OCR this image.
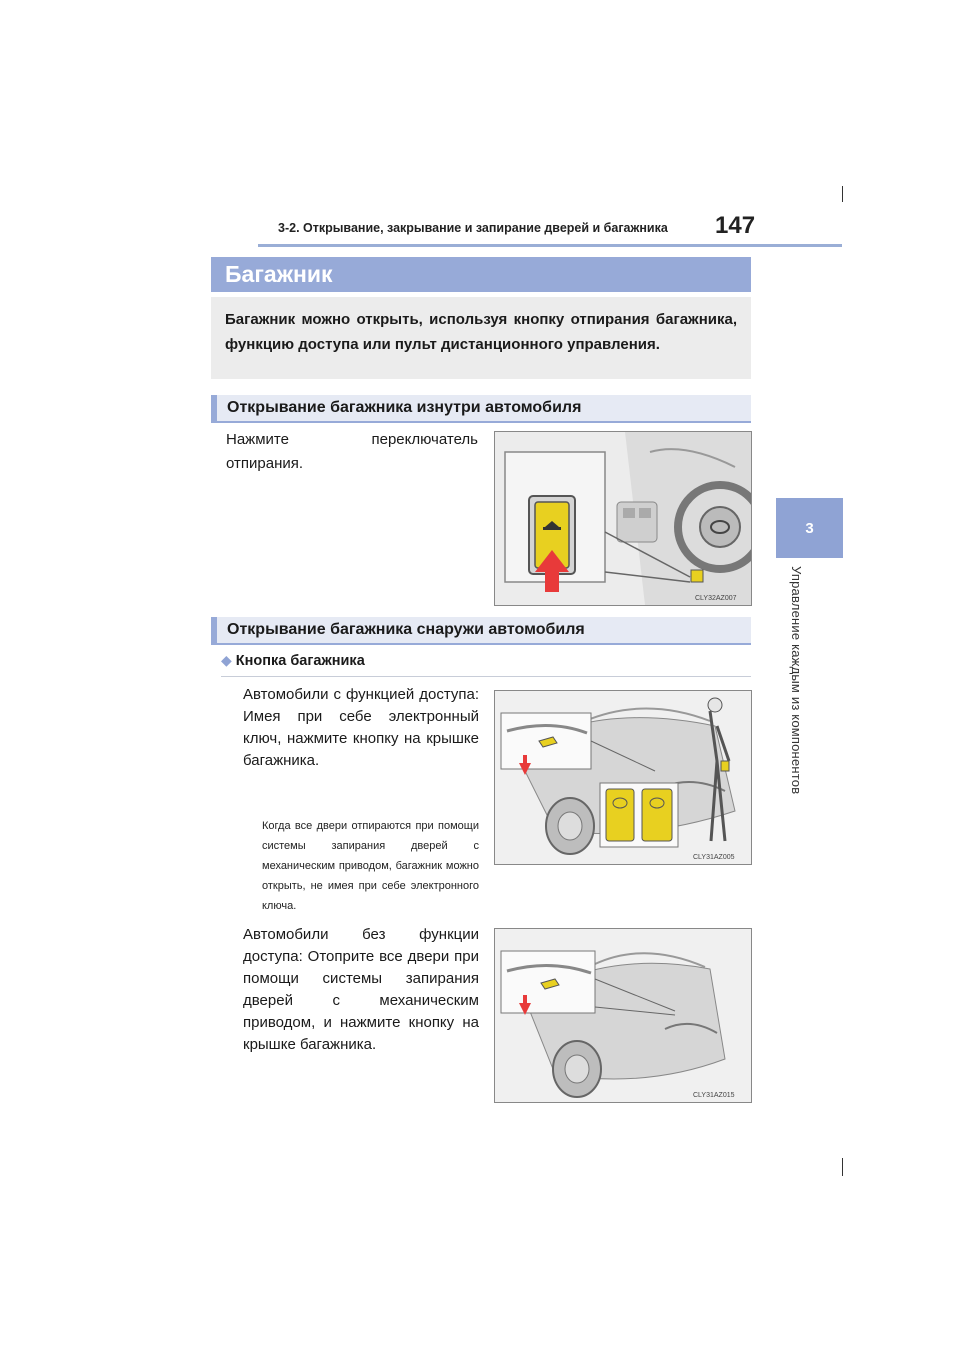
3-2. Открывание, закрывание и запирание дверей и багажника 147
3
Управление каждым из компонентов
Багажник
Багажник можно открыть, используя кнопку отпирания багажника, функцию доступа или пульт дистанционного управления.
Открывание багажника изнутри автомобиля
Нажмите переключатель отпирания.
CLY32AZ007
Открывание багажника снаружи автомобиля
◆ Кнопка багажника
Автомобили с функцией доступа: Имея при себе электронный ключ, нажмите кнопку на крышке багажника.
Когда все двери отпираются при помощи системы запирания дверей с механическим приводом, багажник можно открыть, не имея при себе электронного ключа.
CLY31AZ005
Автомобили без функции доступа: Отоприте все двери при помощи системы запирания дверей с механическим приводом, и нажмите кнопку на крышке багажника.
CLY31AZ015
